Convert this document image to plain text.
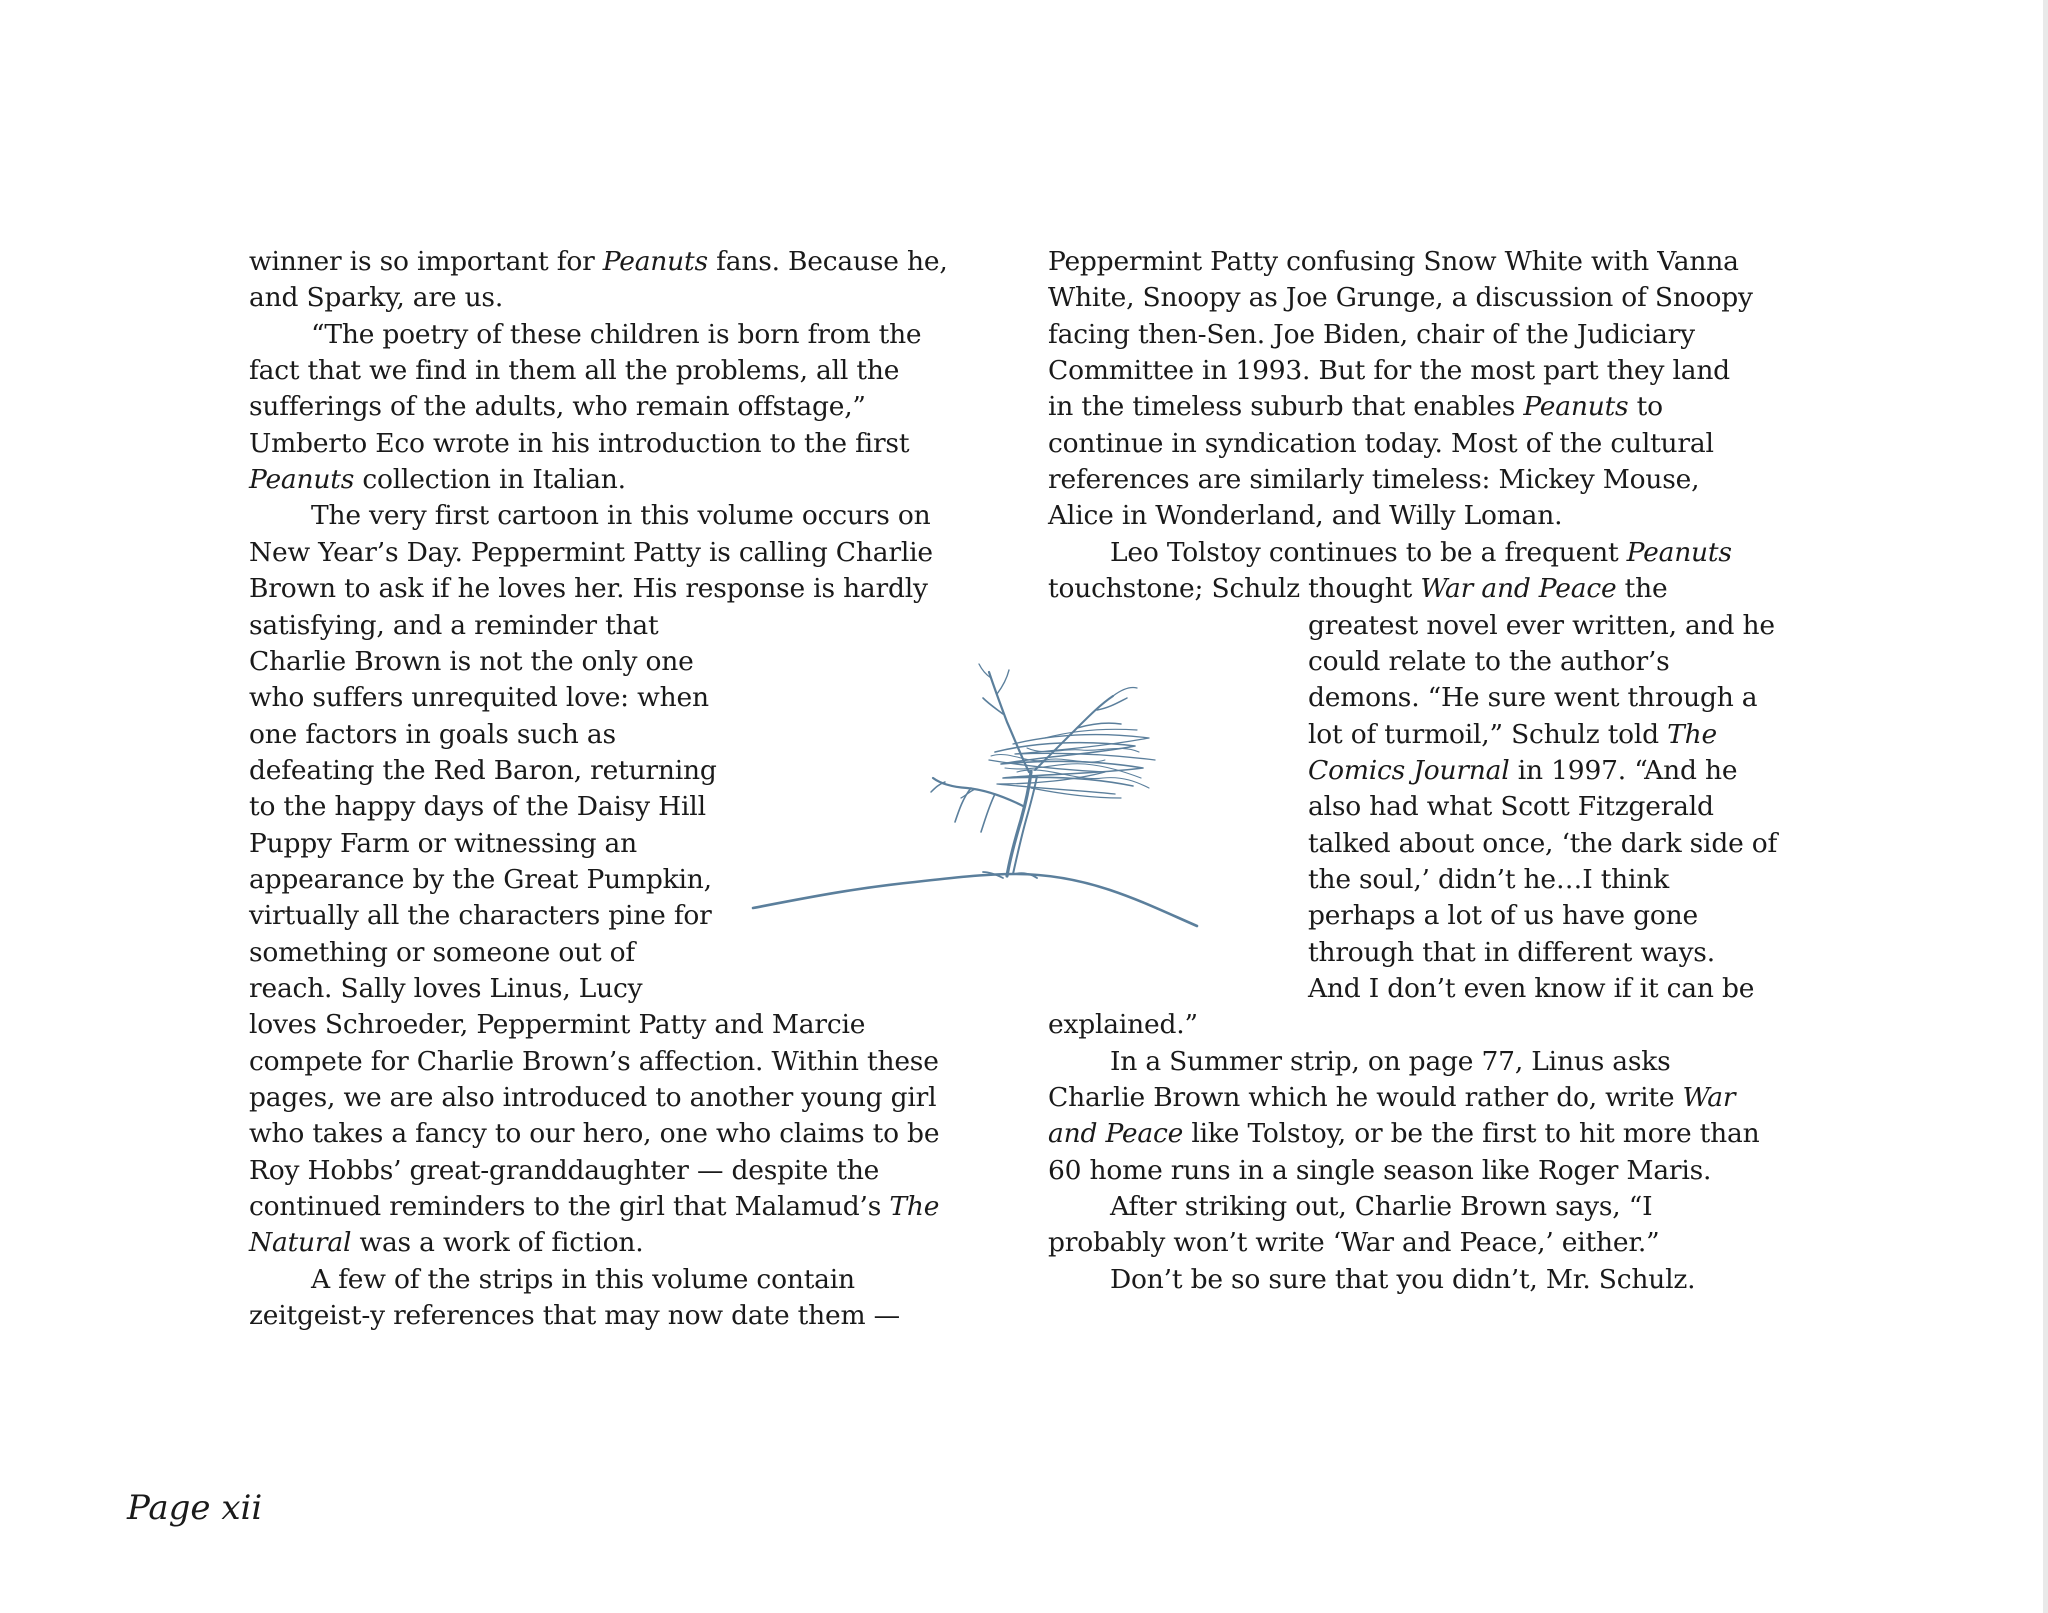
winner is so important for Peanuts fans. Because he,
and Sparky, are us.
“The poetry of these children is born from the
fact that we find in them all the problems, all the
sufferings of the adults, who remain offstage,”
Umberto Eco wrote in his introduction to the first
Peanuts collection in Italian.
The very first cartoon in this volume occurs on
New Year’s Day. Peppermint Patty is calling Charlie
Brown to ask if he loves her. His response is hardly
satisfying, and a reminder that
Charlie Brown is not the only one
who suffers unrequited love: when
one factors in goals such as
defeating the Red Baron, returning
to the happy days of the Daisy Hill
Puppy Farm or witnessing an
appearance by the Great Pumpkin,
virtually all the characters pine for
something or someone out of
reach. Sally loves Linus, Lucy
loves Schroeder, Peppermint Patty and Marcie
compete for Charlie Brown’s affection. Within these
pages, we are also introduced to another young girl
who takes a fancy to our hero, one who claims to be
Roy Hobbs’ great-granddaughter — despite the
continued reminders to the girl that Malamud’s The
Natural was a work of fiction.
A few of the strips in this volume contain
zeitgeist-y references that may now date them —
Peppermint Patty confusing Snow White with Vanna
White, Snoopy as Joe Grunge, a discussion of Snoopy
facing then-Sen. Joe Biden, chair of the Judiciary
Committee in 1993. But for the most part they land
in the timeless suburb that enables Peanuts to
continue in syndication today. Most of the cultural
references are similarly timeless: Mickey Mouse,
Alice in Wonderland, and Willy Loman.
Leo Tolstoy continues to be a frequent Peanuts
touchstone; Schulz thought War and Peace the
greatest novel ever written, and he
could relate to the author’s
demons. “He sure went through a
lot of turmoil,” Schulz told The
Comics Journal in 1997. “And he
also had what Scott Fitzgerald
talked about once, ‘the dark side of
the soul,’ didn’t he…I think
perhaps a lot of us have gone
through that in different ways.
And I don’t even know if it can be
explained.”
In a Summer strip, on page 77, Linus asks
Charlie Brown which he would rather do, write War
and Peace like Tolstoy, or be the first to hit more than
60 home runs in a single season like Roger Maris.
After striking out, Charlie Brown says, “I
probably won’t write ‘War and Peace,’ either.”
Don’t be so sure that you didn’t, Mr. Schulz.
Page xii
